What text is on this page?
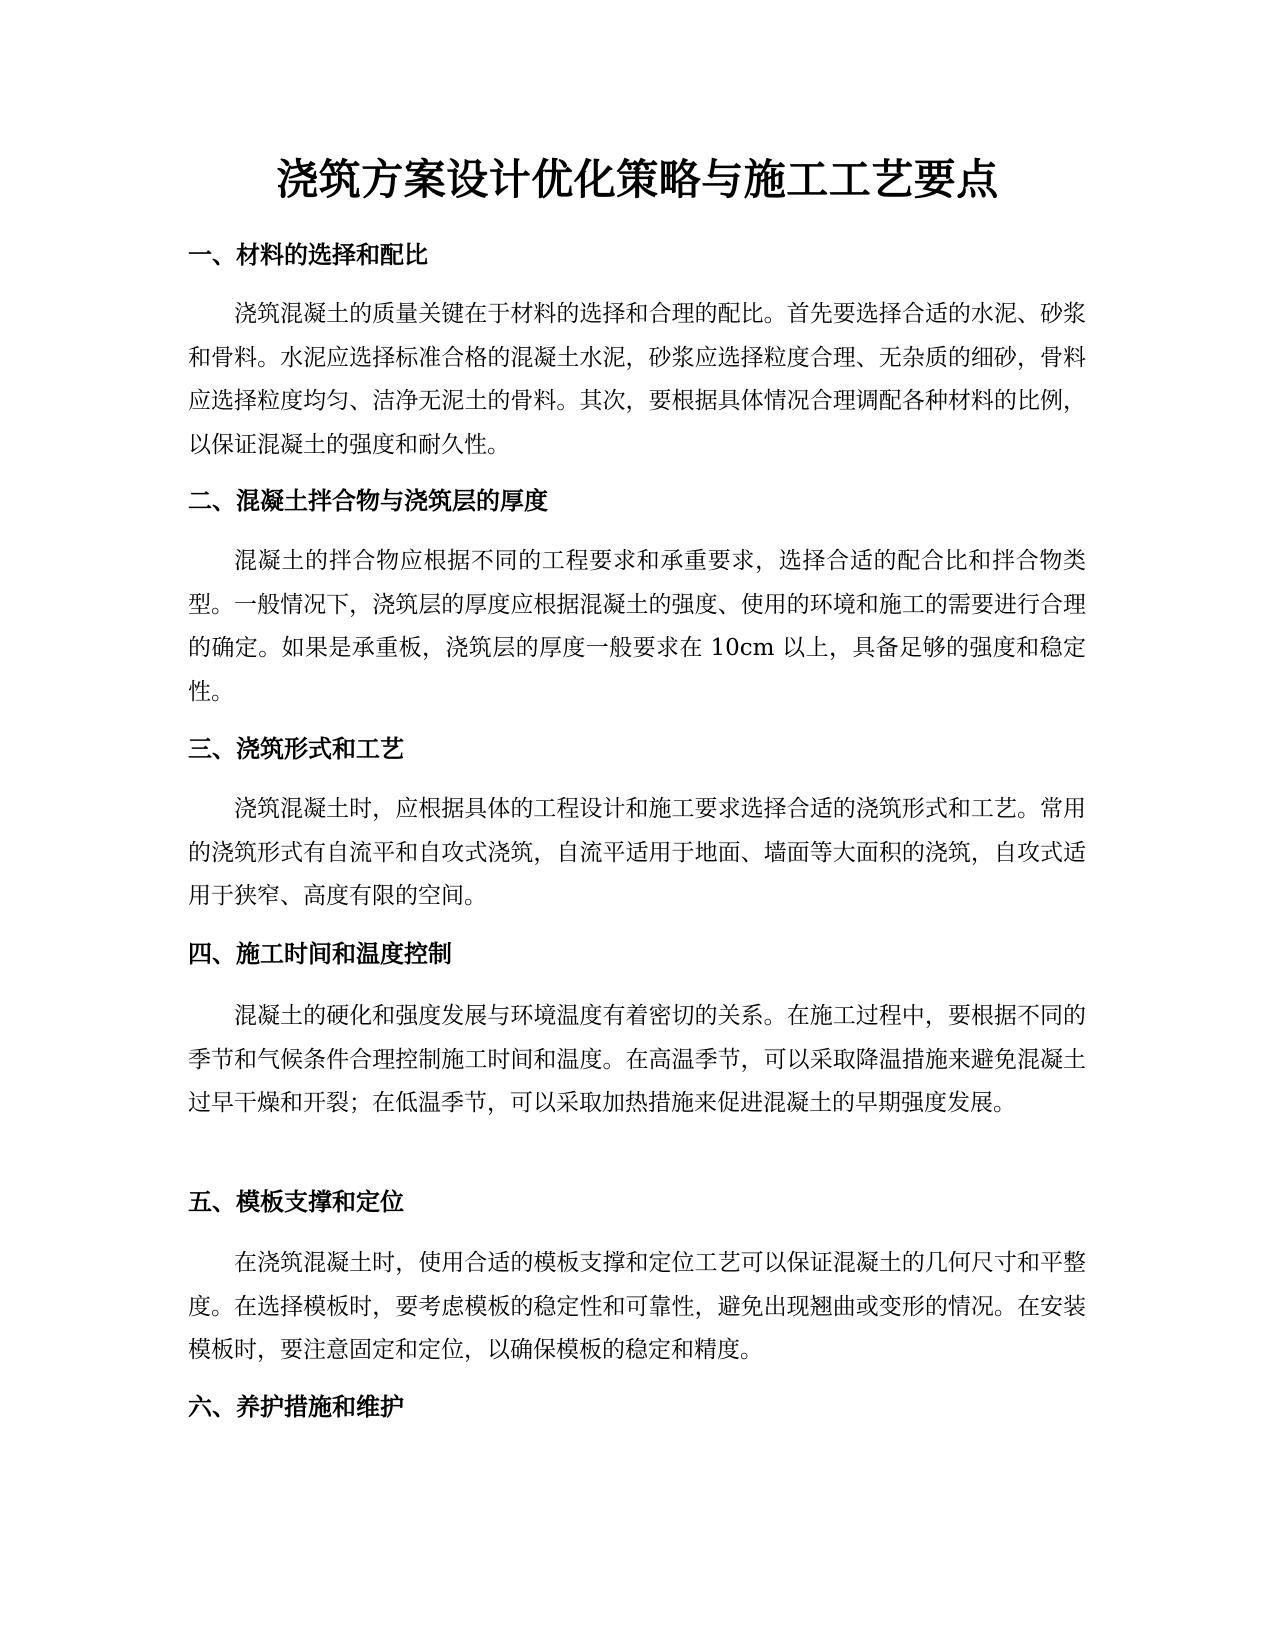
浇筑方案设计优化策略与施工工艺要点
一、材料的选择和配比

浇筑混凝土的质量关键在于材料的选择和合理的配比。首先要选择合适的水泥、砂浆和骨料。水泥应选择标准合格的混凝土水泥，砂浆应选择粒度合理、无杂质的细砂，骨料应选择粒度均匀、洁净无泥土的骨料。其次，要根据具体情况合理调配各种材料的比例，以保证混凝土的强度和耐久性。

二、混凝土拌合物与浇筑层的厚度

混凝土的拌合物应根据不同的工程要求和承重要求，选择合适的配合比和拌合物类型。一般情况下，浇筑层的厚度应根据混凝土的强度、使用的环境和施工的需要进行合理的确定。如果是承重板，浇筑层的厚度一般要求在 10cm 以上，具备足够的强度和稳定性。

三、浇筑形式和工艺

浇筑混凝土时，应根据具体的工程设计和施工要求选择合适的浇筑形式和工艺。常用的浇筑形式有自流平和自攻式浇筑，自流平适用于地面、墙面等大面积的浇筑，自攻式适用于狭窄、高度有限的空间。

四、施工时间和温度控制

混凝土的硬化和强度发展与环境温度有着密切的关系。在施工过程中，要根据不同的季节和气候条件合理控制施工时间和温度。在高温季节，可以采取降温措施来避免混凝土过早干燥和开裂；在低温季节，可以采取加热措施来促进混凝土的早期强度发展。

五、模板支撑和定位

在浇筑混凝土时，使用合适的模板支撑和定位工艺可以保证混凝土的几何尺寸和平整度。在选择模板时，要考虑模板的稳定性和可靠性，避免出现翘曲或变形的情况。在安装模板时，要注意固定和定位，以确保模板的稳定和精度。

六、养护措施和维护
